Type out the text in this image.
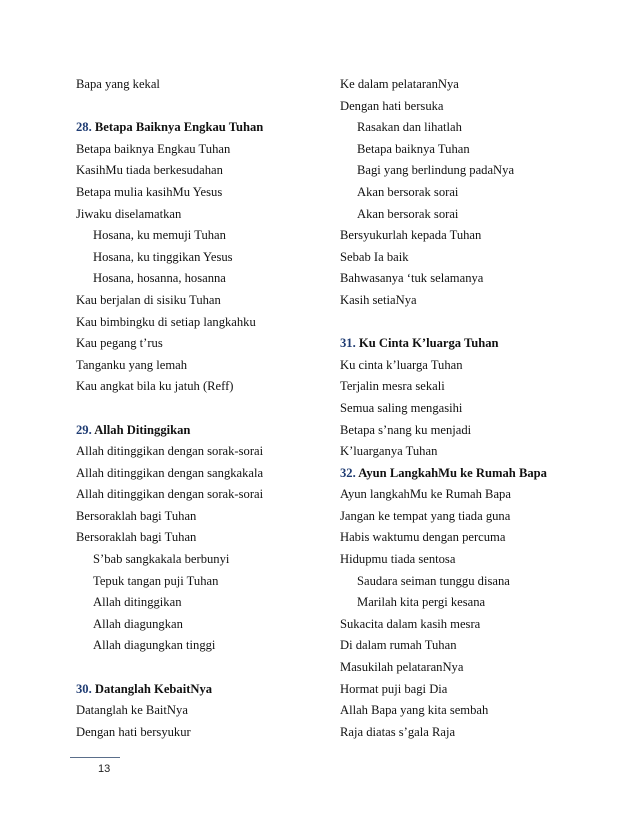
Bapa yang kekal
28. Betapa Baiknya Engkau Tuhan
Betapa baiknya Engkau Tuhan
KasihMu tiada berkesudahan
Betapa mulia kasihMu Yesus
Jiwaku diselamatkan
Hosana, ku memuji Tuhan
Hosana, ku tinggikan Yesus
Hosana, hosanna, hosanna
Kau berjalan di sisiku Tuhan
Kau bimbingku di setiap langkahku
Kau pegang t’rus
Tanganku yang lemah
Kau angkat bila ku jatuh (Reff)
29. Allah Ditinggikan
Allah ditinggikan dengan sorak-sorai
Allah ditinggikan dengan sangkakala
Allah ditinggikan dengan sorak-sorai
Bersoraklah bagi Tuhan
Bersoraklah bagi Tuhan
S’bab sangkakala berbunyi
Tepuk tangan puji Tuhan
Allah ditinggikan
Allah diagungkan
Allah diagungkan tinggi
30. Datanglah KebaitNya
Datanglah ke BaitNya
Dengan hati bersyukur
Ke dalam pelataranNya
Dengan hati bersuka
Rasakan dan lihatlah
Betapa baiknya Tuhan
Bagi yang berlindung padaNya
Akan bersorak sorai
Akan bersorak sorai
Bersyukurlah kepada Tuhan
Sebab Ia baik
Bahwasanya ‘tuk selamanya
Kasih setiaNya
31. Ku Cinta K’luarga Tuhan
Ku cinta k’luarga Tuhan
Terjalin mesra sekali
Semua saling mengasihi
Betapa s’nang ku menjadi
K’luarganya Tuhan
32. Ayun LangkahMu ke Rumah Bapa
Ayun langkahMu ke Rumah Bapa
Jangan ke tempat yang tiada guna
Habis waktumu dengan percuma
Hidupmu tiada sentosa
Saudara seiman tunggu disana
Marilah kita pergi kesana
Sukacita dalam kasih mesra
Di dalam rumah Tuhan
Masukilah pelataranNya
Hormat puji bagi Dia
Allah Bapa yang kita sembah
Raja diatas s’gala Raja
13
